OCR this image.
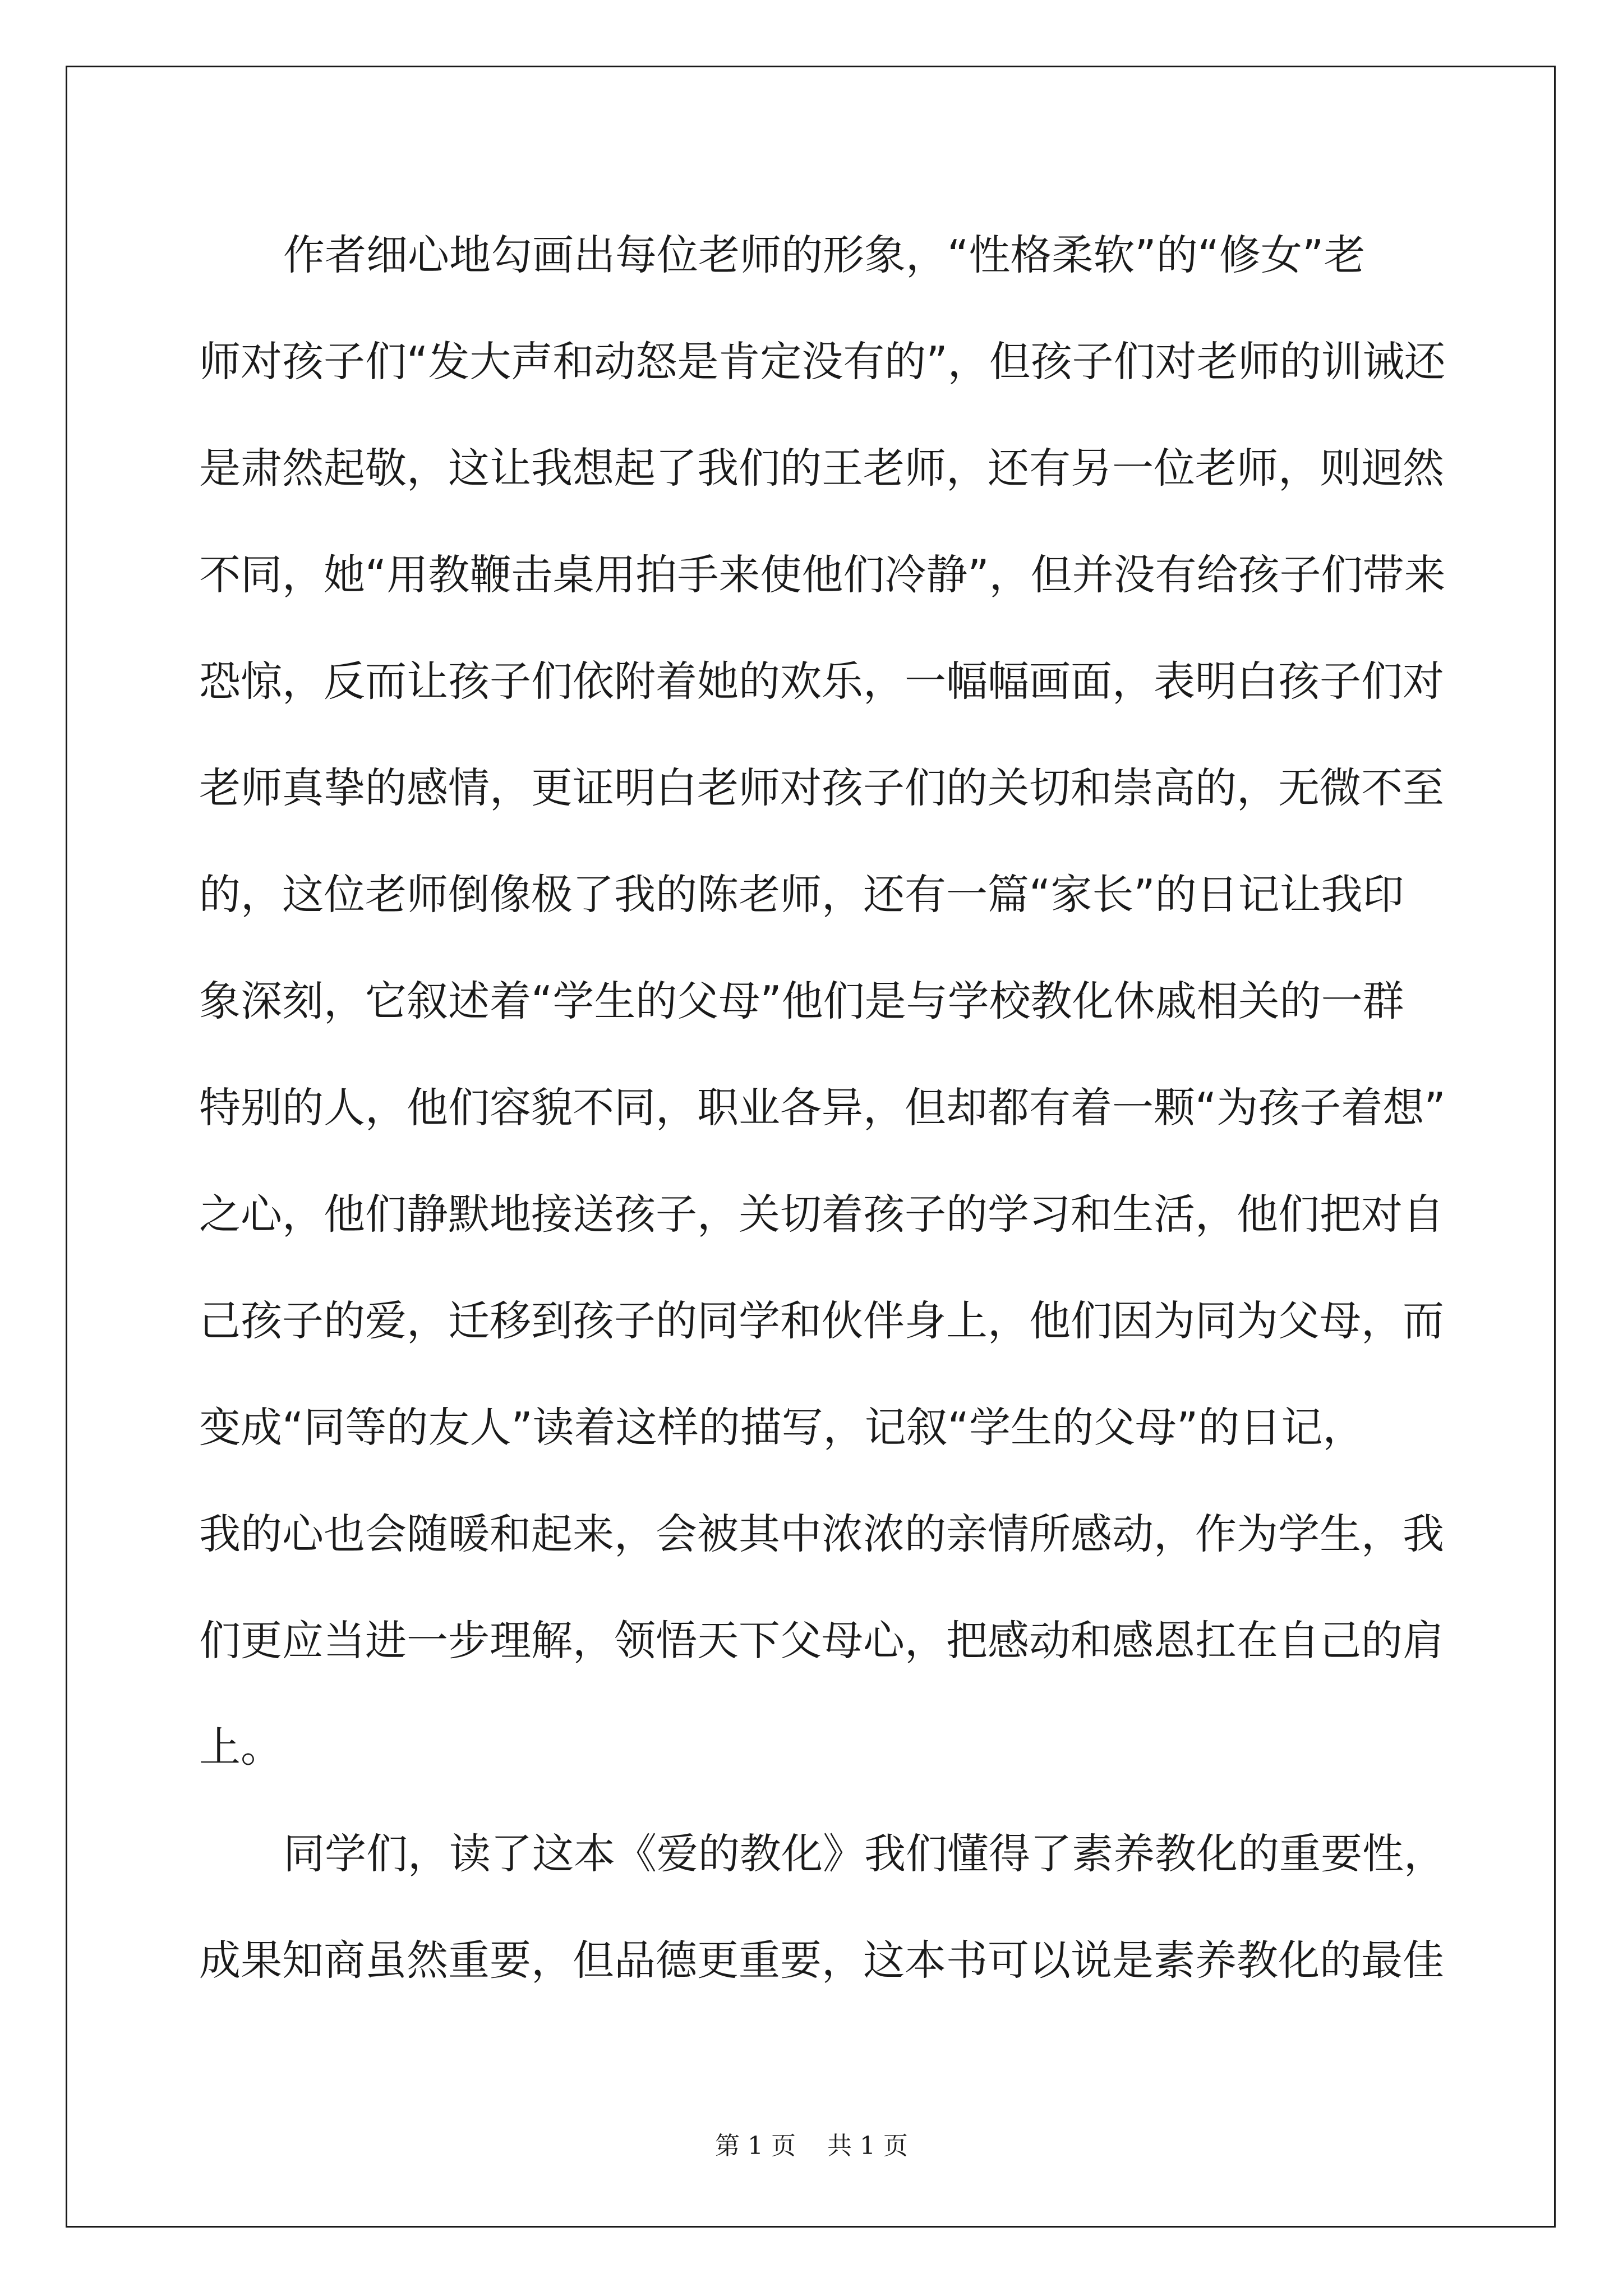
作者细心地勾画出每位老师的形象，“性格柔软”的“修女”老
师对孩子们“发大声和动怒是肯定没有的”，但孩子们对老师的训诫还
是肃然起敬，这让我想起了我们的王老师，还有另一位老师，则迥然
不同，她“用教鞭击桌用拍手来使他们冷静”，但并没有给孩子们带来
恐惊，反而让孩子们依附着她的欢乐，一幅幅画面，表明白孩子们对
老师真挚的感情，更证明白老师对孩子们的关切和崇高的，无微不至
的，这位老师倒像极了我的陈老师，还有一篇“家长”的日记让我印
象深刻，它叙述着“学生的父母”他们是与学校教化休戚相关的一群
特别的人，他们容貌不同，职业各异，但却都有着一颗“为孩子着想”
之心，他们静默地接送孩子，关切着孩子的学习和生活，他们把对自
己孩子的爱，迁移到孩子的同学和伙伴身上，他们因为同为父母，而
变成“同等的友人”读着这样的描写，记叙“学生的父母”的日记，
我的心也会随暖和起来，会被其中浓浓的亲情所感动，作为学生，我
们更应当进一步理解，领悟天下父母心，把感动和感恩扛在自己的肩
上。
同学们，读了这本《爱的教化》我们懂得了素养教化的重要性，
成果知商虽然重要，但品德更重要，这本书可以说是素养教化的最佳
第 1 页    共 1 页
